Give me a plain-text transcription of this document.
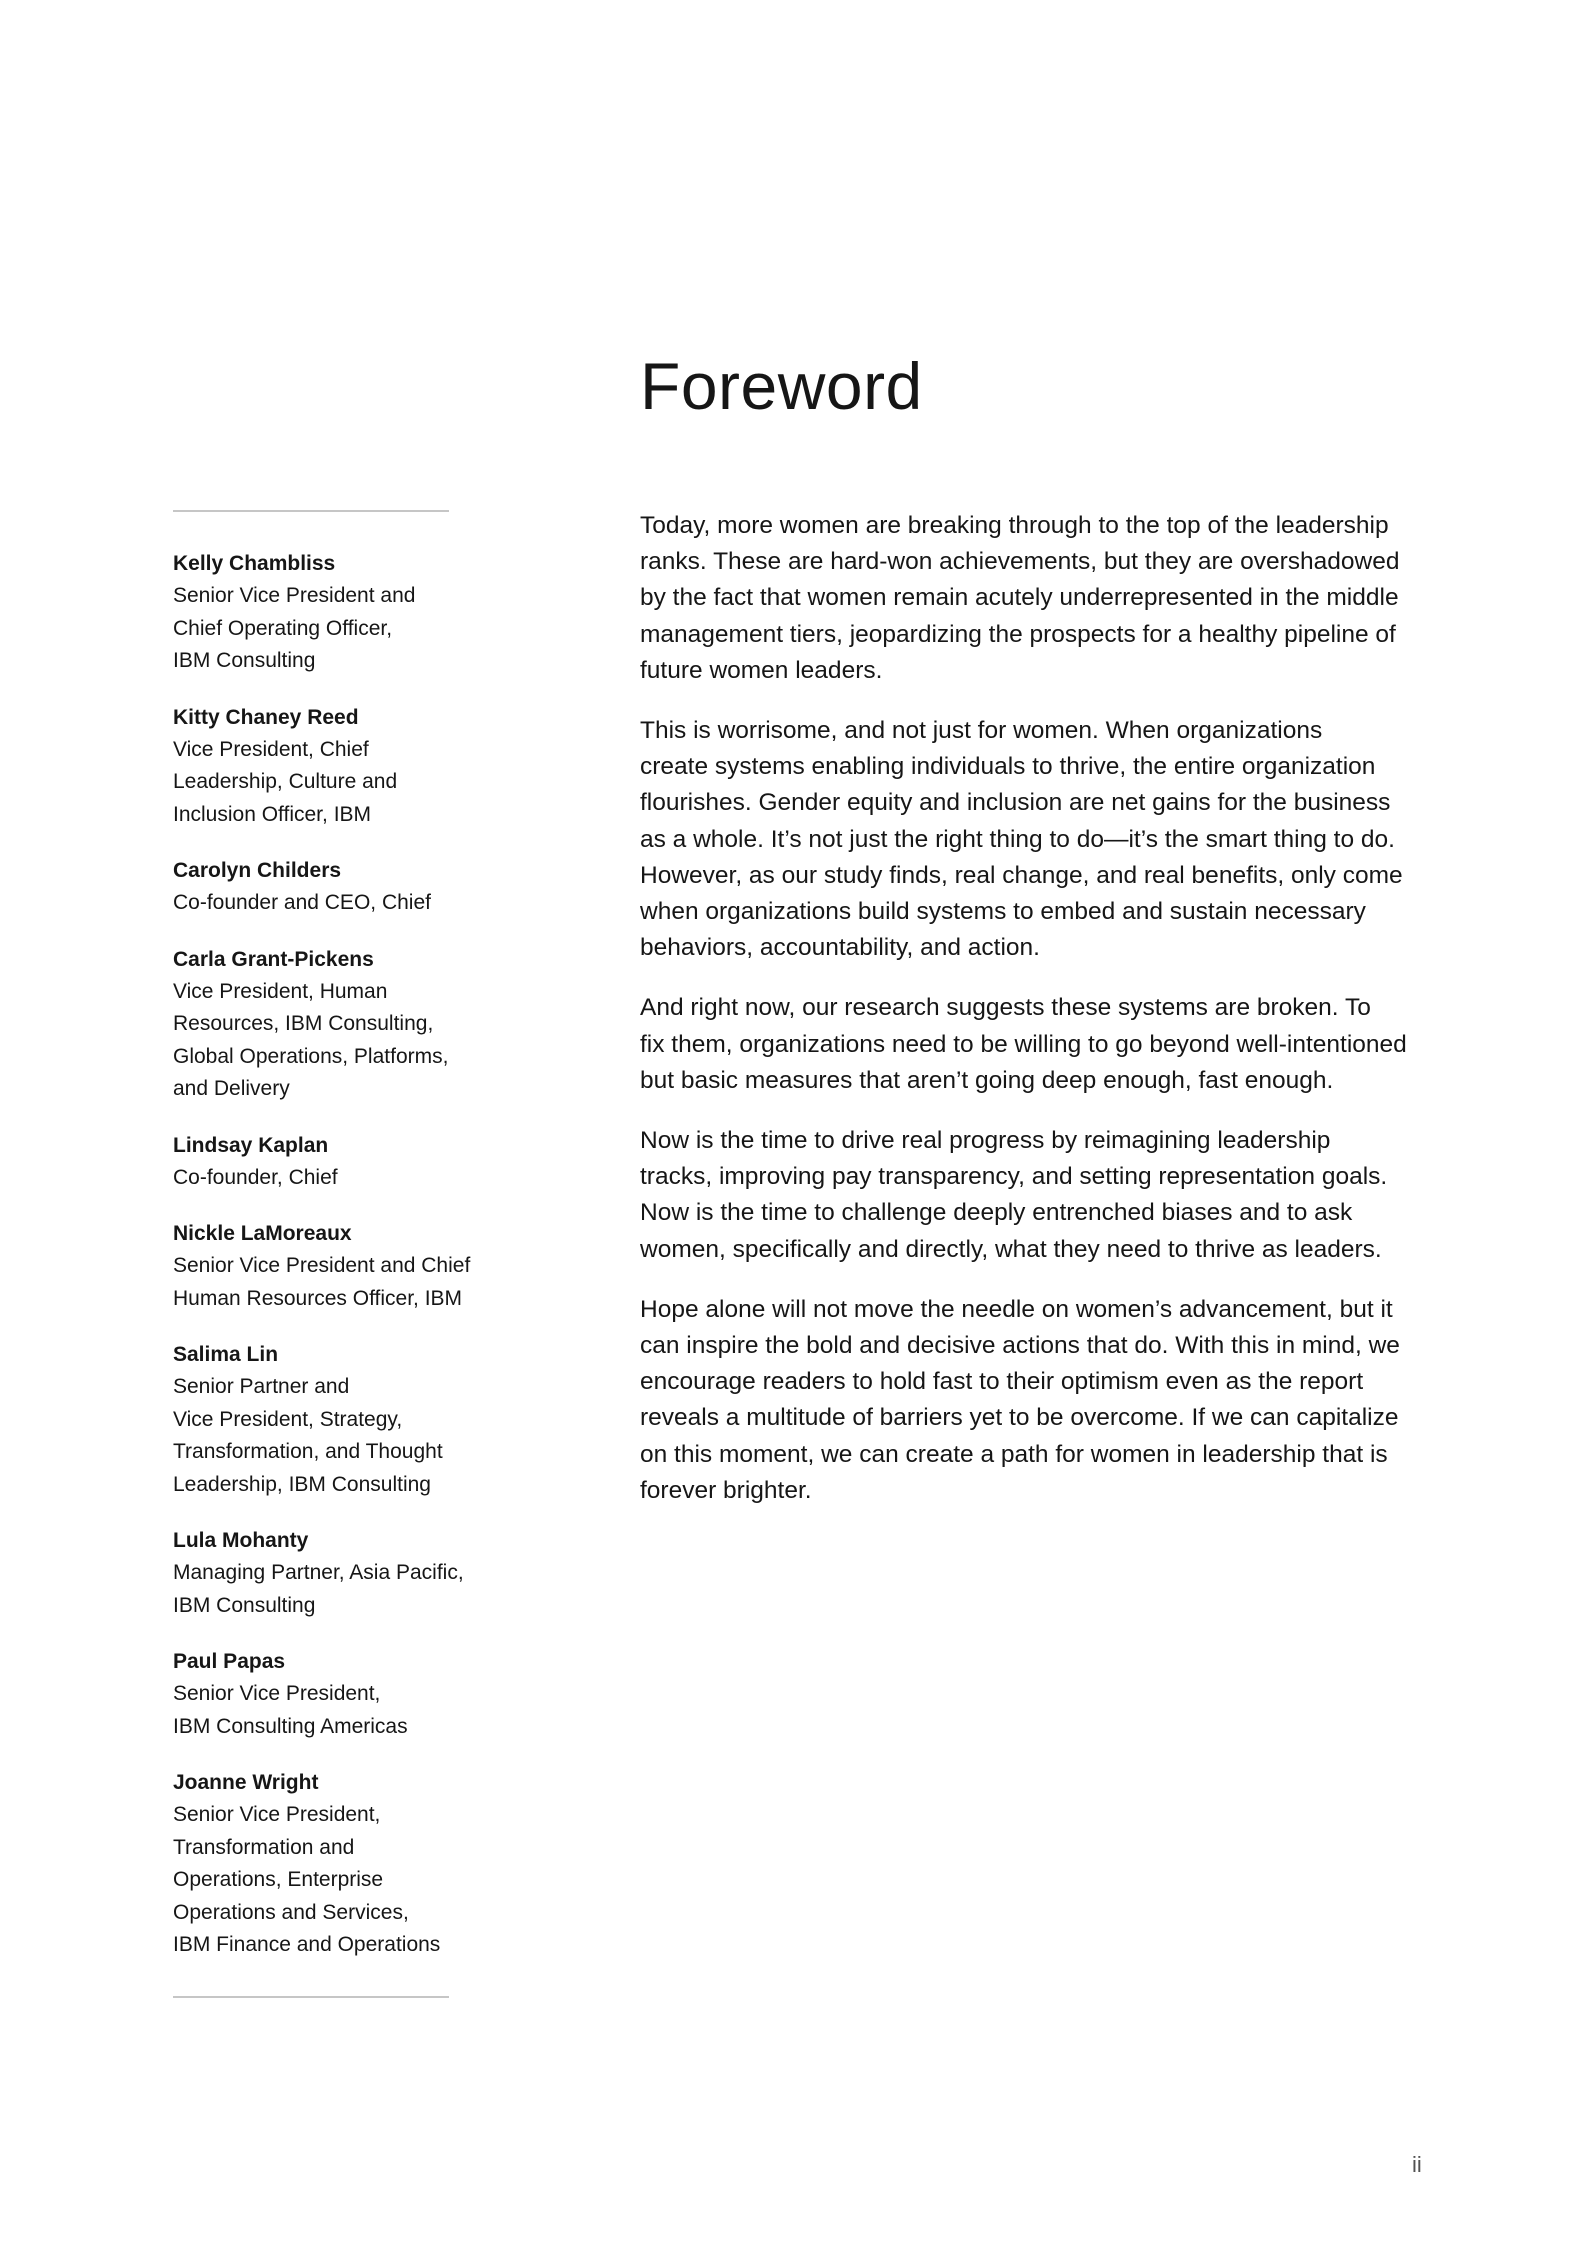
Foreword
Kelly Chambliss
Senior Vice President and
Chief Operating Officer,
IBM Consulting
Kitty Chaney Reed
Vice President, Chief
Leadership, Culture and
Inclusion Officer, IBM
Carolyn Childers
Co-founder and CEO, Chief
Carla Grant-Pickens
Vice President, Human
Resources, IBM Consulting,
Global Operations, Platforms,
and Delivery
Lindsay Kaplan
Co-founder, Chief
Nickle LaMoreaux
Senior Vice President and Chief
Human Resources Officer, IBM
Salima Lin
Senior Partner and
Vice President, Strategy,
Transformation, and Thought
Leadership, IBM Consulting
Lula Mohanty
Managing Partner, Asia Pacific,
IBM Consulting
Paul Papas
Senior Vice President,
IBM Consulting Americas
Joanne Wright
Senior Vice President,
Transformation and
Operations, Enterprise
Operations and Services,
IBM Finance and Operations

Today, more women are breaking through to the top of the leadership
ranks. These are hard-won achievements, but they are overshadowed
by the fact that women remain acutely underrepresented in the middle
management tiers, jeopardizing the prospects for a healthy pipeline of
future women leaders.

This is worrisome, and not just for women. When organizations
create systems enabling individuals to thrive, the entire organization
flourishes. Gender equity and inclusion are net gains for the business
as a whole. It’s not just the right thing to do—it’s the smart thing to do.
However, as our study finds, real change, and real benefits, only come
when organizations build systems to embed and sustain necessary
behaviors, accountability, and action.

And right now, our research suggests these systems are broken. To
fix them, organizations need to be willing to go beyond well-intentioned
but basic measures that aren’t going deep enough, fast enough.

Now is the time to drive real progress by reimagining leadership
tracks, improving pay transparency, and setting representation goals.
Now is the time to challenge deeply entrenched biases and to ask
women, specifically and directly, what they need to thrive as leaders.

Hope alone will not move the needle on women’s advancement, but it
can inspire the bold and decisive actions that do. With this in mind, we
encourage readers to hold fast to their optimism even as the report
reveals a multitude of barriers yet to be overcome. If we can capitalize
on this moment, we can create a path for women in leadership that is
forever brighter.

ii
